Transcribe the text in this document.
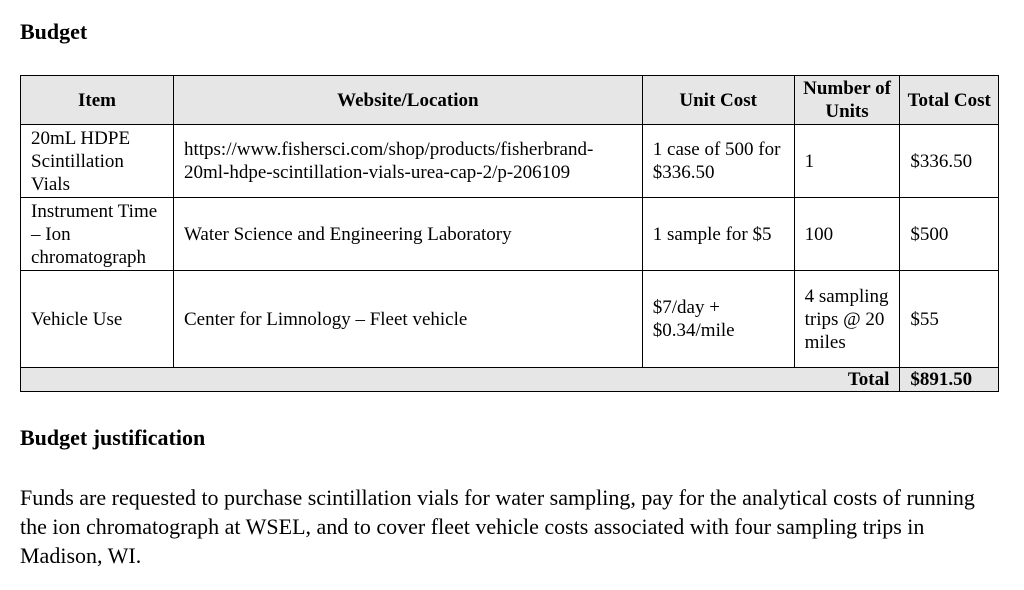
Budget
Item	Website/Location	Unit Cost	Number of Units	Total Cost
20mL HDPE Scintillation Vials	https://www.fishersci.com/shop/products/fisherbrand-20ml-hdpe-scintillation-vials-urea-cap-2/p-206109	1 case of 500 for $336.50	1	$336.50
Instrument Time – Ion chromatograph	Water Science and Engineering Laboratory	1 sample for $5	100	$500
Vehicle Use	Center for Limnology – Fleet vehicle	$7/day + $0.34/mile	4 sampling trips @ 20 miles	$55
Total				$891.50
Budget justification

Funds are requested to purchase scintillation vials for water sampling, pay for the analytical costs of running the ion chromatograph at WSEL, and to cover fleet vehicle costs associated with four sampling trips in Madison, WI.
